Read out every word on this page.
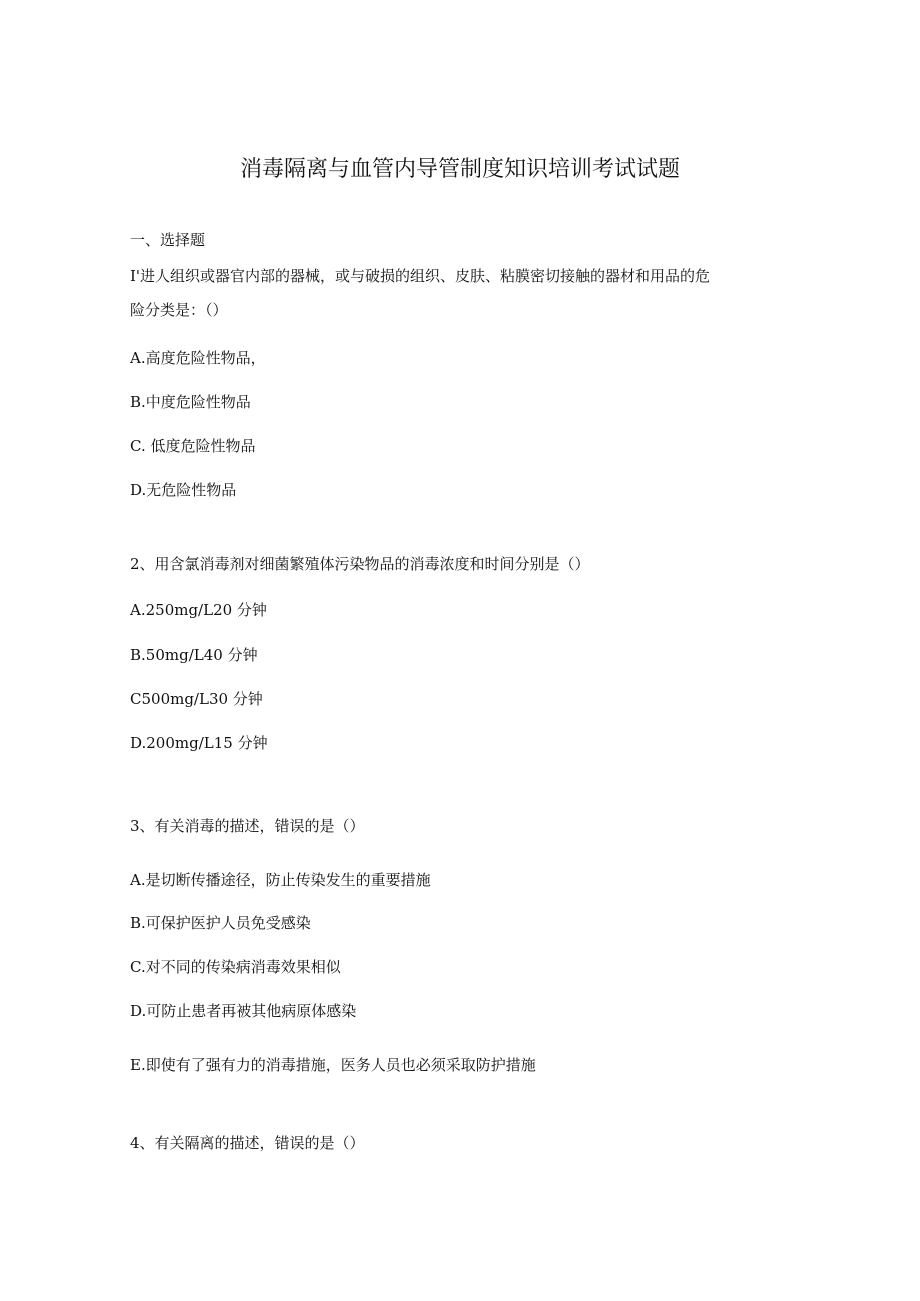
消毒隔离与血管内导管制度知识培训考试试题
一、选择题
I'进人组织或器官内部的器械，或与破损的组织、皮肤、粘膜密切接触的器材和用品的危
险分类是：（）
A.高度危险性物品，
B.中度危险性物品
C. 低度危险性物品
D.无危险性物品
2、用含氯消毒剂对细菌繁殖体污染物品的消毒浓度和时间分别是（）
A.250mg/L20 分钟
B.50mg/L40 分钟
C500mg/L30 分钟
D.200mg/L15 分钟
3、有关消毒的描述，错误的是（）
A.是切断传播途径，防止传染发生的重要措施
B.可保护医护人员免受感染
C.对不同的传染病消毒效果相似
D.可防止患者再被其他病原体感染
E.即使有了强有力的消毒措施，医务人员也必须采取防护措施
4、有关隔离的描述，错误的是（）
